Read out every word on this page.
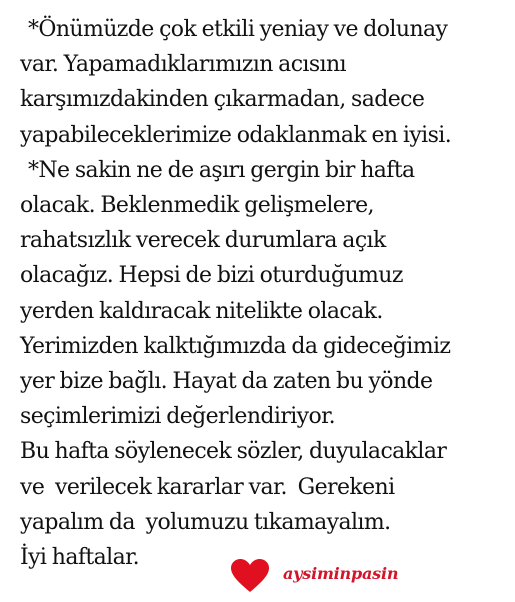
*Önümüzde çok etkili yeniay ve dolunay
var. Yapamadıklarımızın acısını
karşımızdakinden çıkarmadan, sadece
yapabileceklerimize odaklanmak en iyisi.
*Ne sakin ne de aşırı gergin bir hafta
olacak. Beklenmedik gelişmelere,
rahatsızlık verecek durumlara açık
olacağız. Hepsi de bizi oturduğumuz
yerden kaldıracak nitelikte olacak.
Yerimizden kalktığımızda da gideceğimiz
yer bize bağlı. Hayat da zaten bu yönde
seçimlerimizi değerlendiriyor.
Bu hafta söylenecek sözler, duyulacaklar
ve  verilecek kararlar var.  Gerekeni
yapalım da  yolumuzu tıkamayalım.
İyi haftalar.
aysiminpasin
